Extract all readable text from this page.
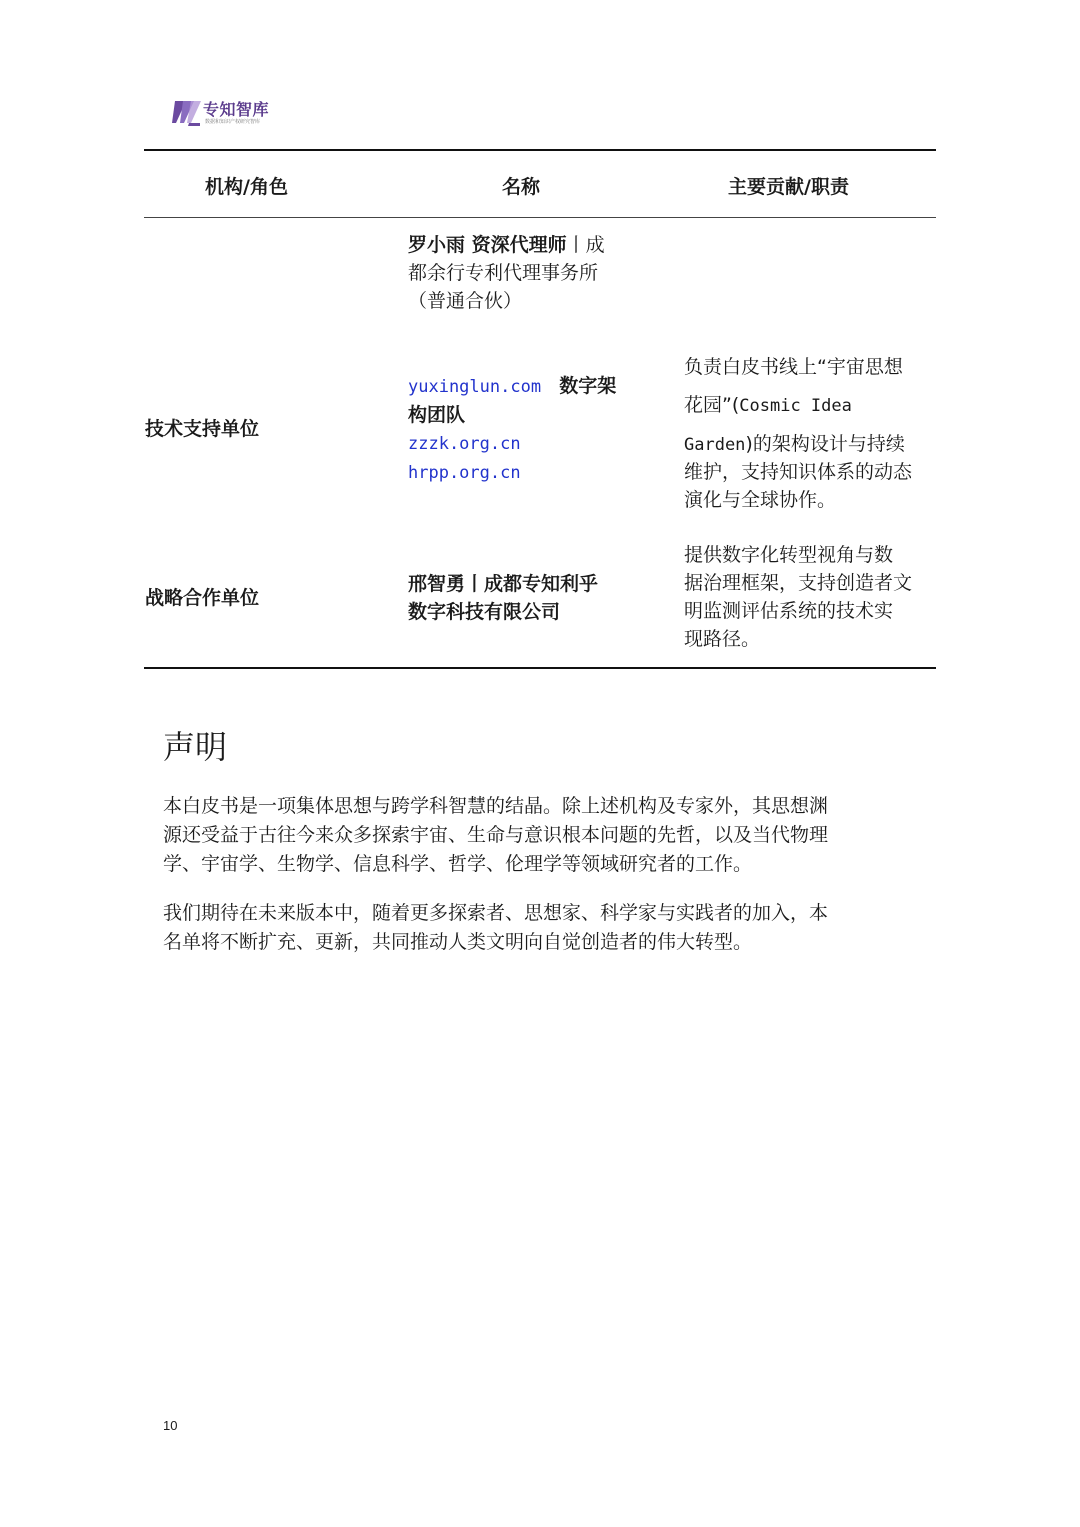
专知智库
数据和知识产权研究智库
机构/角色	名称	主要贡献/职责
罗小雨 资深代理师丨成
都余行专利代理事务所
（普通合伙）
技术支持单位
yuxinglun.com 数字架
构团队
zzzk.org.cn
hrpp.org.cn
负责白皮书线上“宇宙思想
花园”(Cosmic Idea
Garden)的架构设计与持续
维护，支持知识体系的动态
演化与全球协作。
战略合作单位
邢智勇丨成都专知利乎
数字科技有限公司
提供数字化转型视角与数
据治理框架，支持创造者文
明监测评估系统的技术实
现路径。
声明
本白皮书是一项集体思想与跨学科智慧的结晶。除上述机构及专家外，其思想渊
源还受益于古往今来众多探索宇宙、生命与意识根本问题的先哲，以及当代物理
学、宇宙学、生物学、信息科学、哲学、伦理学等领域研究者的工作。
我们期待在未来版本中，随着更多探索者、思想家、科学家与实践者的加入，本
名单将不断扩充、更新，共同推动人类文明向自觉创造者的伟大转型。
10
